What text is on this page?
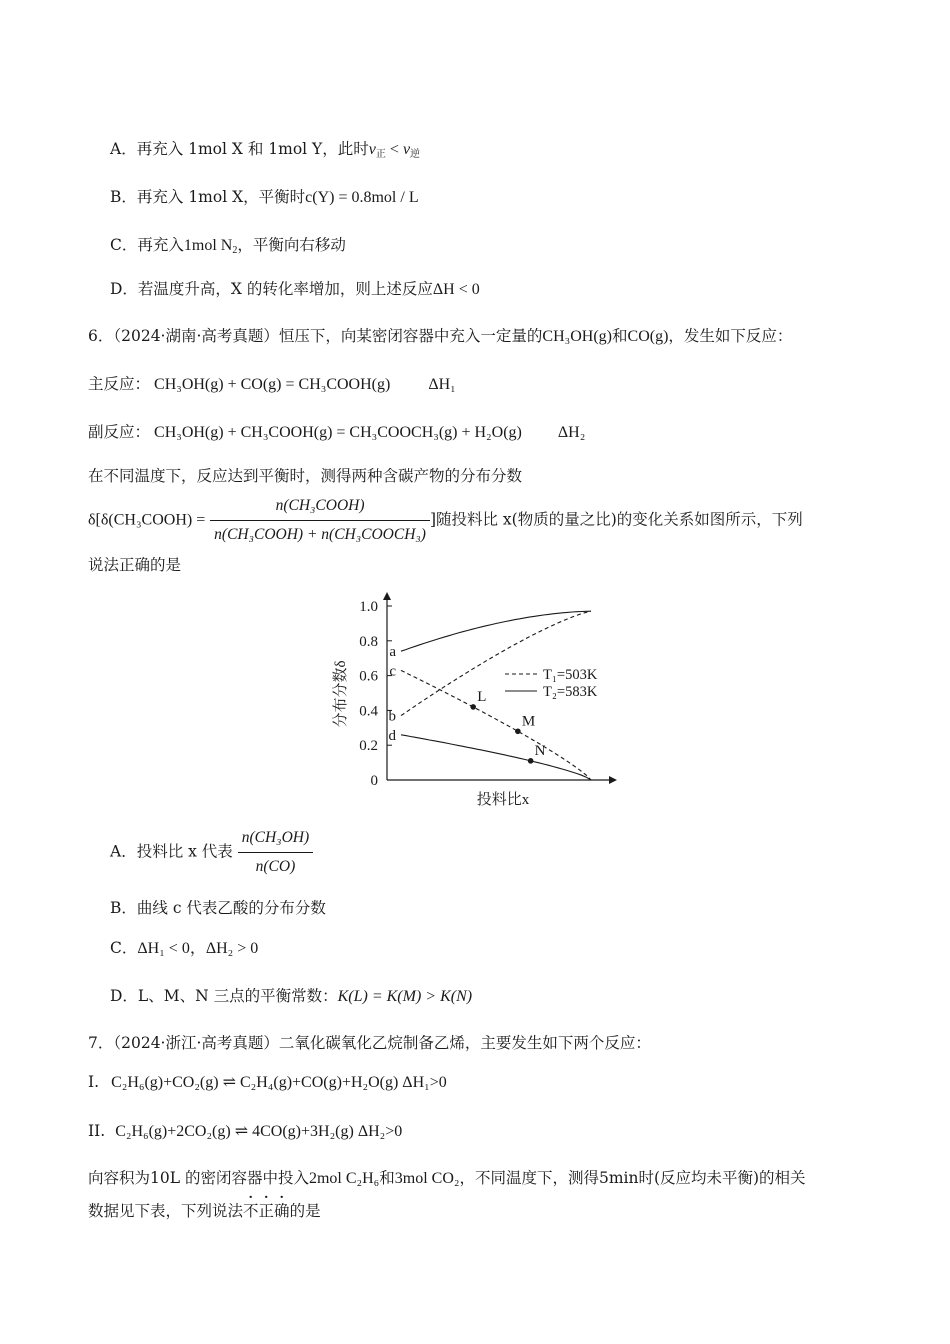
A．再充入 1mol X 和 1mol Y，此时$v_正 < v_逆$
B．再充入 1mol X，平衡时c(Y) = 0.8mol / L
C．再充入1mol $N_2$，平衡向右移动
D．若温度升高，X 的转化率增加，则上述反应ΔH < 0
6．（2024·湖南·高考真题）恒压下，向某密闭容器中充入一定量的CH₃OH(g)和CO(g)，发生如下反应：
主反应： CH₃OH(g) + CO(g) = CH₃COOH(g) ΔH₁
副反应： CH₃OH(g) + CH₃COOH(g) = CH₃COOCH₃(g) + H₂O(g) ΔH₂
在不同温度下，反应达到平衡时，测得两种含碳产物的分布分数
δ[δ(CH₃COOH) = $\frac{\text{n(CH₃COOH)}}{\text{n(CH₃COOH) + n(CH₃COOCH₃)}}$ ]随投料比 x(物质的量之比)的变化关系如图所示，下列
说法正确的是
1.0
0.8
0.6
0.4
0.2
0
分布分数δ
投料比x
a
b
c
d
L
M
N
T₁=503K
T₂=583K
A．投料比 x 代表 $\frac{\text{n(CH₃OH)}}{n(CO)}$
B．曲线 c 代表乙酸的分布分数
C．ΔH₁ < 0，ΔH₂ > 0
D．L、M、N 三点的平衡常数：K(L) = K(M) > K(N)
7．（2024·浙江·高考真题）二氧化碳氧化乙烷制备乙烯，主要发生如下两个反应：
I. C₂H₆(g)+CO₂(g) ⇌ C₂H₄(g)+CO(g)+H₂O(g) ΔH₁>0
II. C₂H₆(g)+2CO₂(g) ⇌ 4CO(g)+3H₂(g) ΔH₂>0
向容积为10L 的密闭容器中投入2mol C₂H₆和3mol CO₂，不同温度下，测得5min时(反应均未平衡)的相关
数据见下表，下列说法不正确的是
